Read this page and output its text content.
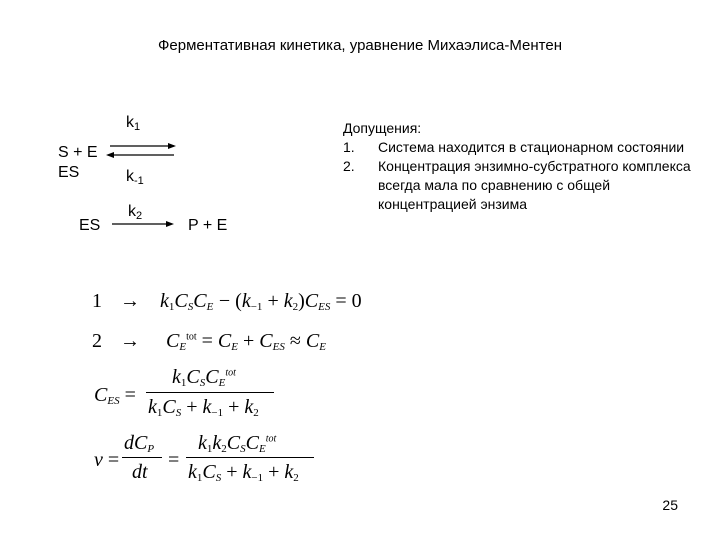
Ферментативная кинетика, уравнение Михаэлиса-Ментен
$k_1$
S + E
ES	$k_{-1}$
ES
$k_2$
P + E
Допущения:
1. Система находится в стационарном состоянии
2. Концентрация энзимно-субстратного комплекса всегда мала по сравнению с общей концентрацией энзима
$1 \to k_1C_SC_E - (k_{-1} + k_2)C_{ES} = 0$
$2 \to C_E^{tot} = C_E + C_{ES} \approx C_E$
$C_{ES}$ =
$k_1C_SC_E^{tot}$
$k_1C_S + k_{-1} + k_2$
v =
$dC_P$
dt
=
$k_1k_2C_SC_E^{tot}$
$k_1C_S + k_{-1} + k_2$
25
